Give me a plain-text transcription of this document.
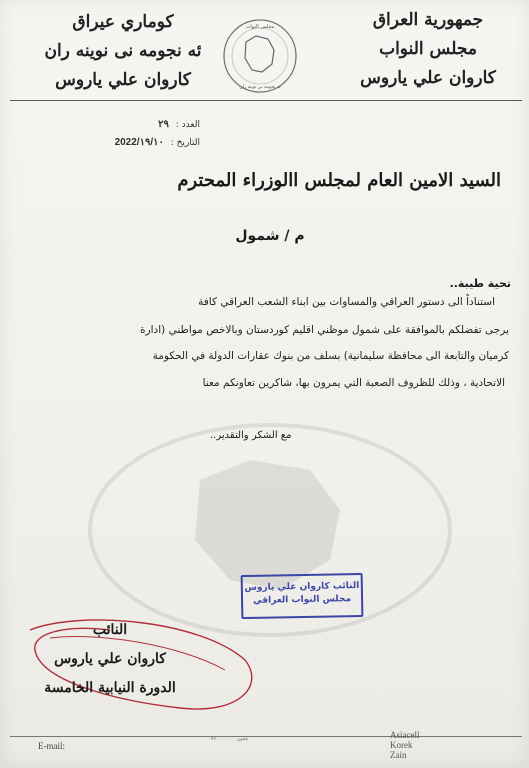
جمهورية العراق
مجلس النواب
كاروان علي ياروس
مجلس النواب
ئه نجومه ني نوينه ران
كوماري عيراق
ئه نجومه نى نوينه ران
كاروان علي ياروس
العدد : ٢٩
التاريخ : 2022/١٩/١٠
السيد الامين العام لمجلس االوزراء المحترم
م / شمول
تحية طيبة..
استناداً الى دستور العراقي والمساوات بين ابناء الشعب العراقي كافة
يرجى تفضلكم بالموافقة على شمول موظني اقليم كوردستان وبالاخص مواطني (ادارة
كرميان والتابعة الى محافظة سليمانية) بسلف من بنوك عقارات الدولة في الحكومة
الاتحادية ، وذلك للظروف الصعبة التي يمرون بها، شاكرين تعاونكم معنا
مع الشكر والتقدير..
النائب كاروان علي ياروس
مجلس النواب العراقي
النائب
كاروان علي ياروس
الدورة النيابية الخامسة
E-mail:
تلفون ٠٧٧٠٠٠٠٠٠٠	Asiacell
Korek
Zain
